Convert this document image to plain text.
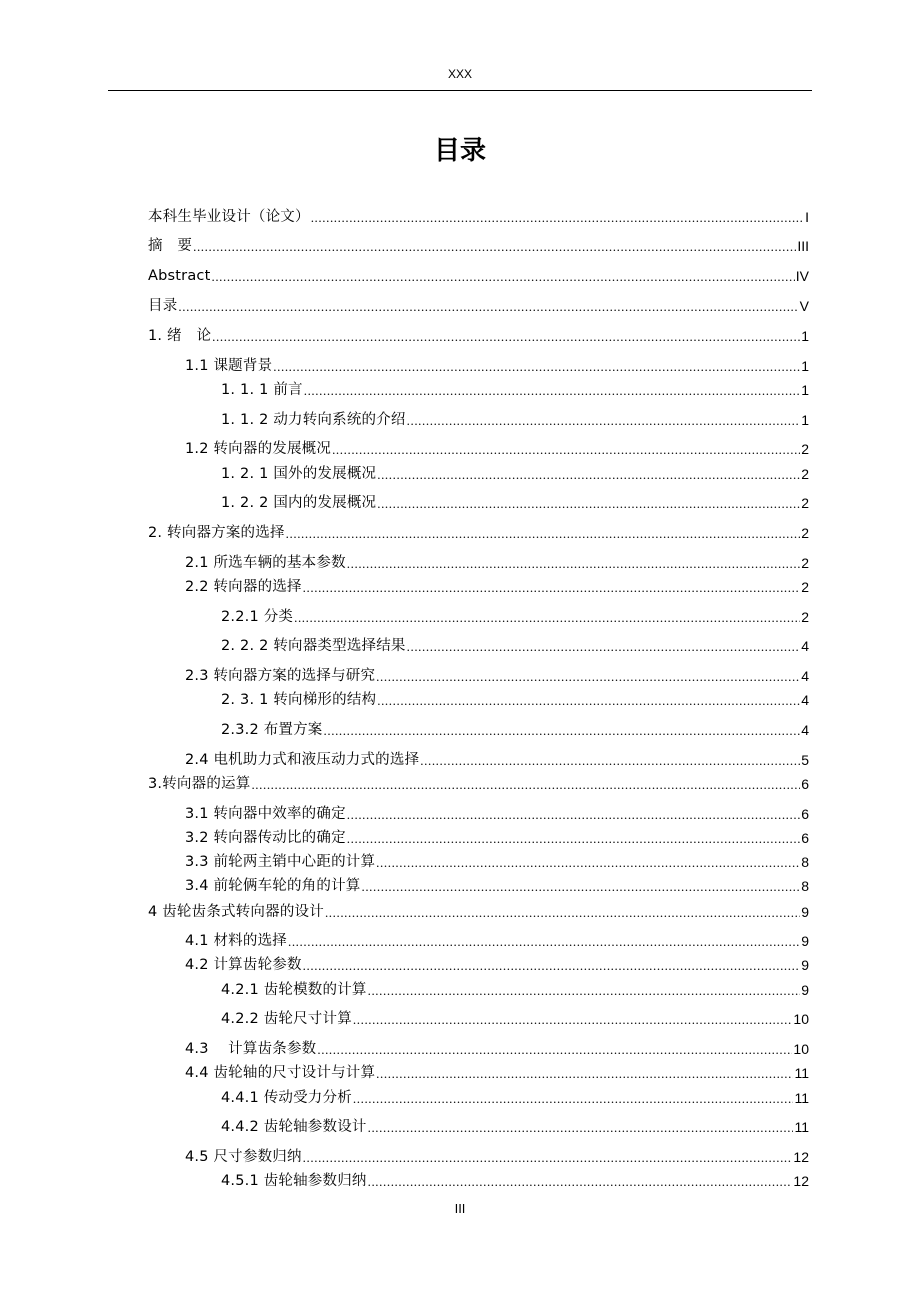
XXX
目录
本科生毕业设计（论文） .....	I
摘　要 .....	III
Abstract .....	IV
目录 .....	V
1. 绪　论 .....	1
1.1 课题背景 .....	1
1. 1. 1 前言 .....	1
1. 1. 2 动力转向系统的介绍 .....	1
1.2 转向器的发展概况 .....	2
1. 2. 1 国外的发展概况 .....	2
1. 2. 2 国内的发展概况 .....	2
2. 转向器方案的选择 .....	2
2.1 所选车辆的基本参数 .....	2
2.2 转向器的选择 .....	2
2.2.1 分类 .....	2
2. 2. 2 转向器类型选择结果 .....	4
2.3 转向器方案的选择与研究 .....	4
2. 3. 1 转向梯形的结构 .....	4
2.3.2 布置方案 .....	4
2.4 电机助力式和液压动力式的选择 .....	5
3.转向器的运算 .....	6
3.1 转向器中效率的确定 .....	6
3.2 转向器传动比的确定 .....	6
3.3 前轮两主销中心距的计算 .....	8
3.4 前轮俩车轮的角的计算 .....	8
4 齿轮齿条式转向器的设计 .....	9
4.1 材料的选择 .....	9
4.2 计算齿轮参数 .....	9
4.2.1 齿轮模数的计算 .....	9
4.2.2 齿轮尺寸计算 .....	10
4.3　 计算齿条参数 .....	10
4.4 齿轮轴的尺寸设计与计算 .....	11
4.4.1 传动受力分析 .....	11
4.4.2 齿轮轴参数设计 .....	11
4.5 尺寸参数归纳 .....	12
4.5.1 齿轮轴参数归纳 .....	12
III
